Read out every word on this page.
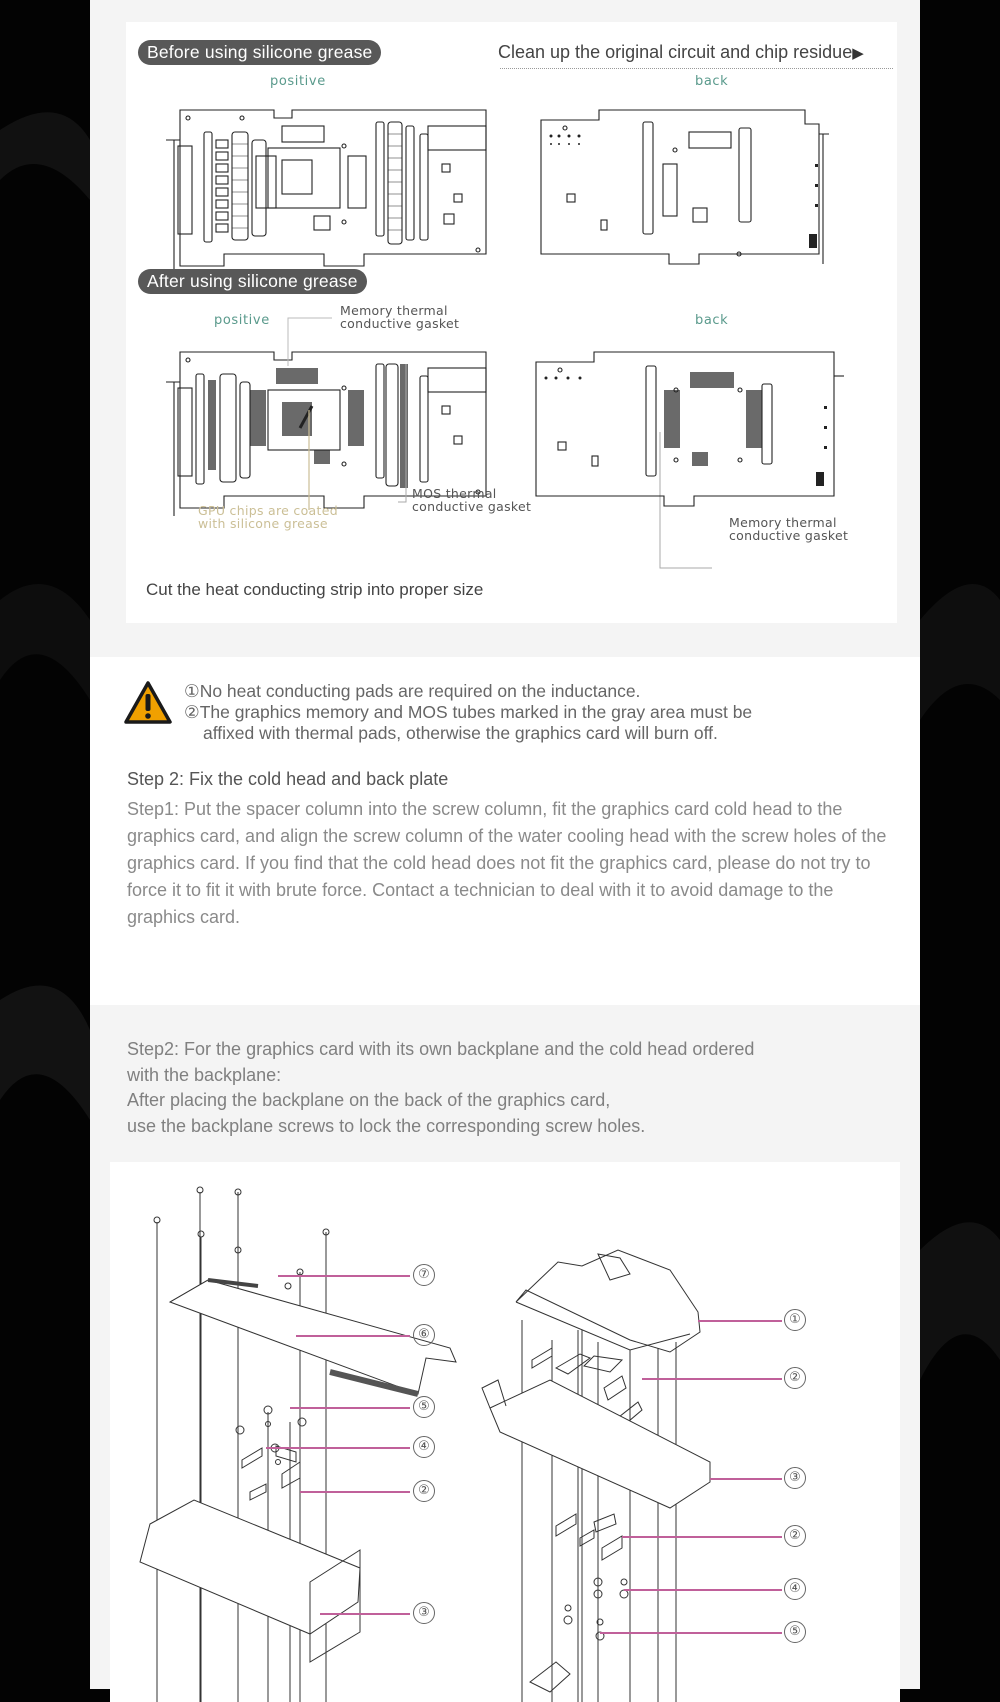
Before using silicone grease	Clean up the original circuit and chip residue▶
positive	back
After using silicone grease
positive	back
Memory thermal
conductive gasket
GPU chips are coated
with silicone grease
MOS thermal
conductive gasket
Memory thermal
conductive gasket
Cut the heat conducting strip into proper size
①No heat conducting pads are required on the inductance.
②The graphics memory and MOS tubes marked in the gray area must be
affixed with thermal pads, otherwise the graphics card will burn off.
Step 2: Fix the cold head and back plate
Step1: Put the spacer column into the screw column, fit the graphics card cold head to the graphics card, and align the screw column of the water cooling head with the screw holes of the graphics card. If you find that the cold head does not fit the graphics card, please do not try to force it to fit it with brute force. Contact a technician to deal with it to avoid damage to the graphics card.
Step2: For the graphics card with its own backplane and the cold head ordered
with the backplane:
After placing the backplane on the back of the graphics card,
use the backplane screws to lock the corresponding screw holes.
⑦
⑥
⑤
④
②
③
①
②
③
②
④
⑤
